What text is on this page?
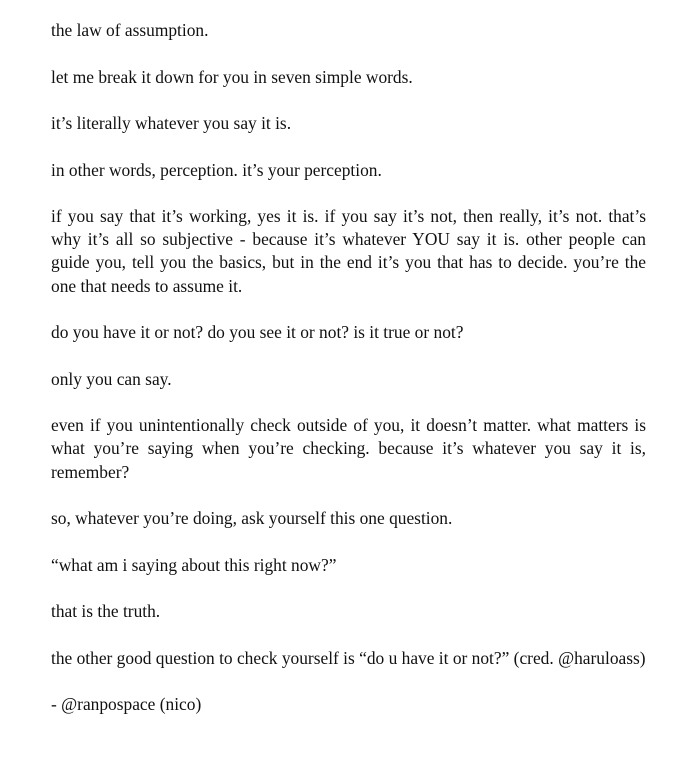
the law of assumption.

let me break it down for you in seven simple words.

it’s literally whatever you say it is.

in other words, perception. it’s your perception.

if you say that it’s working, yes it is. if you say it’s not, then really, it’s not. that’s why it’s all so subjective - because it’s whatever YOU say it is. other people can guide you, tell you the basics, but in the end it’s you that has to decide. you’re the one that needs to assume it.

do you have it or not? do you see it or not? is it true or not?

only you can say.

even if you unintentionally check outside of you, it doesn’t matter. what matters is what you’re saying when you’re checking. because it’s whatever you say it is, remember?

so, whatever you’re doing, ask yourself this one question.

“what am i saying about this right now?”

that is the truth.

the other good question to check yourself is “do u have it or not?” (cred. @haruloass)

- @ranpospace (nico)
